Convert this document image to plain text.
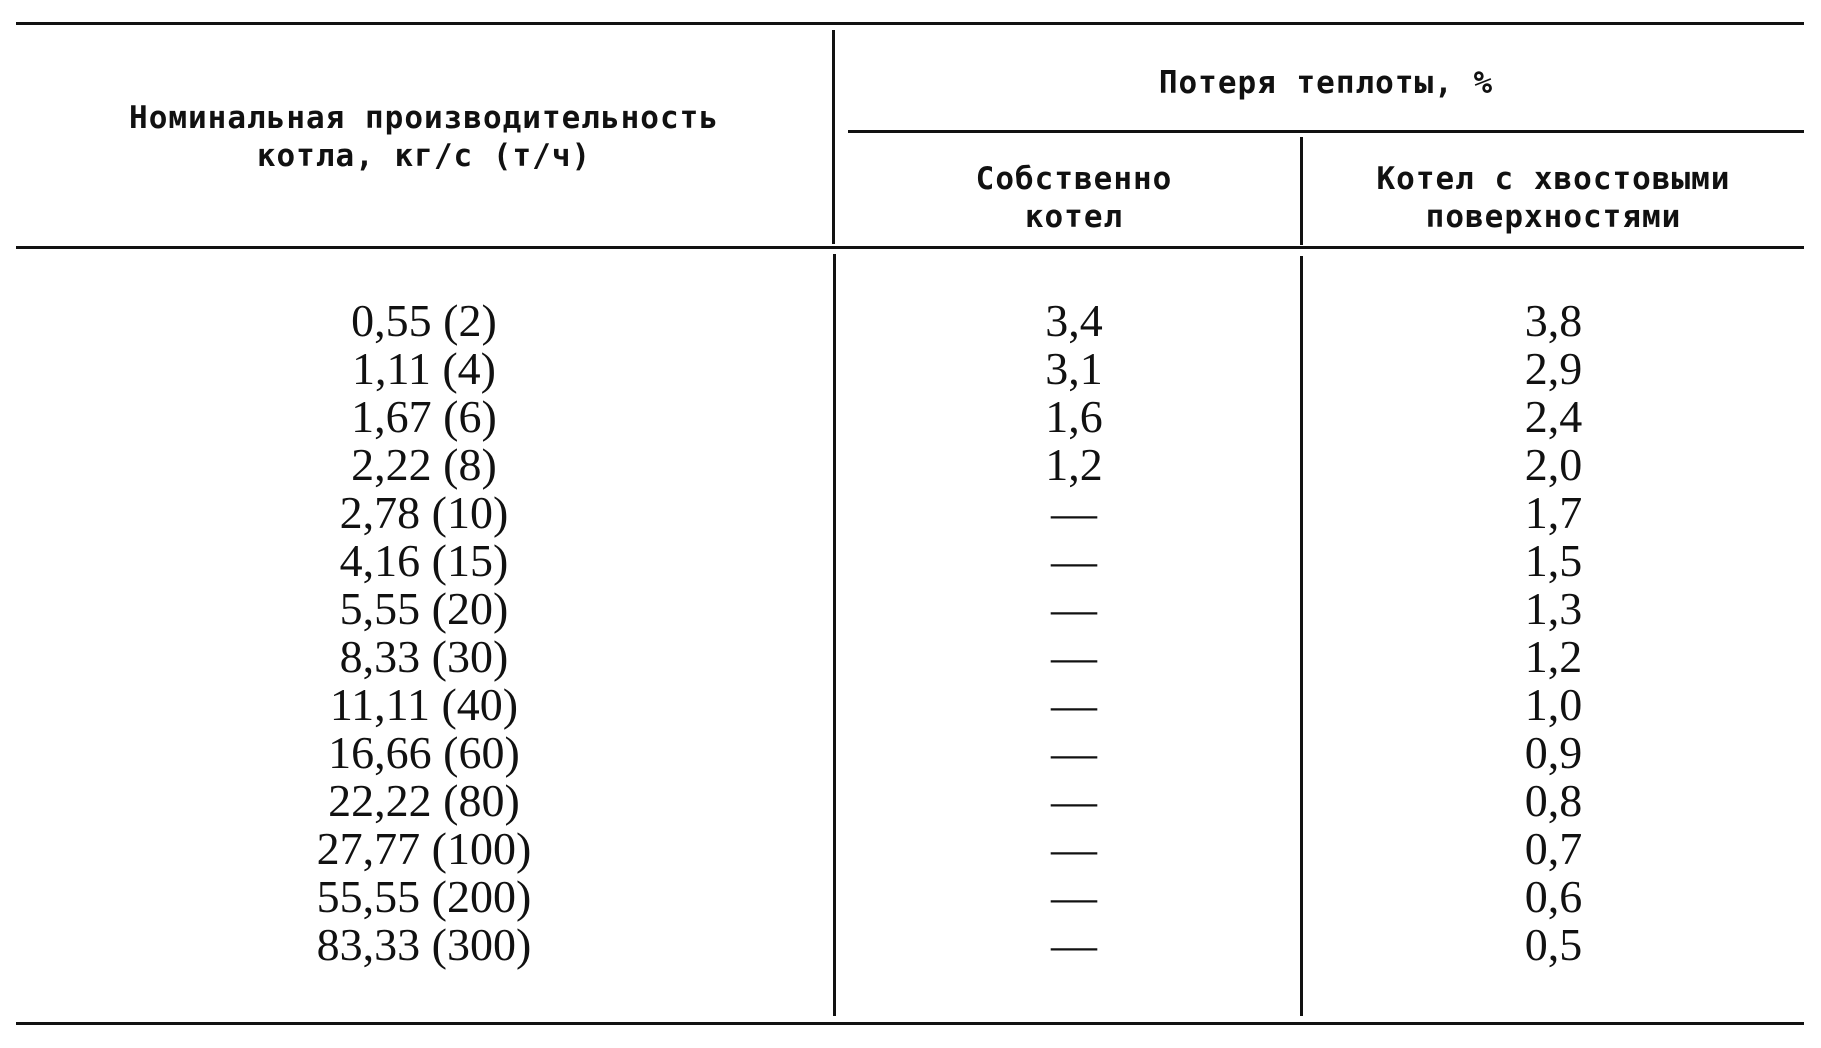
Номинальная производительность
котла, кг/с (т/ч)
Потеря теплоты, %
Собственно
котел
Котел с хвостовыми
поверхностями
0,55 (2)
1,11 (4)
1,67 (6)
2,22 (8)
2,78 (10)
4,16 (15)
5,55 (20)
8,33 (30)
11,11 (40)
16,66 (60)
22,22 (80)
27,77 (100)
55,55 (200)
83,33 (300)
3,4
3,1
1,6
1,2
—
—
—
—
—
—
—
—
—
—
3,8
2,9
2,4
2,0
1,7
1,5
1,3
1,2
1,0
0,9
0,8
0,7
0,6
0,5
